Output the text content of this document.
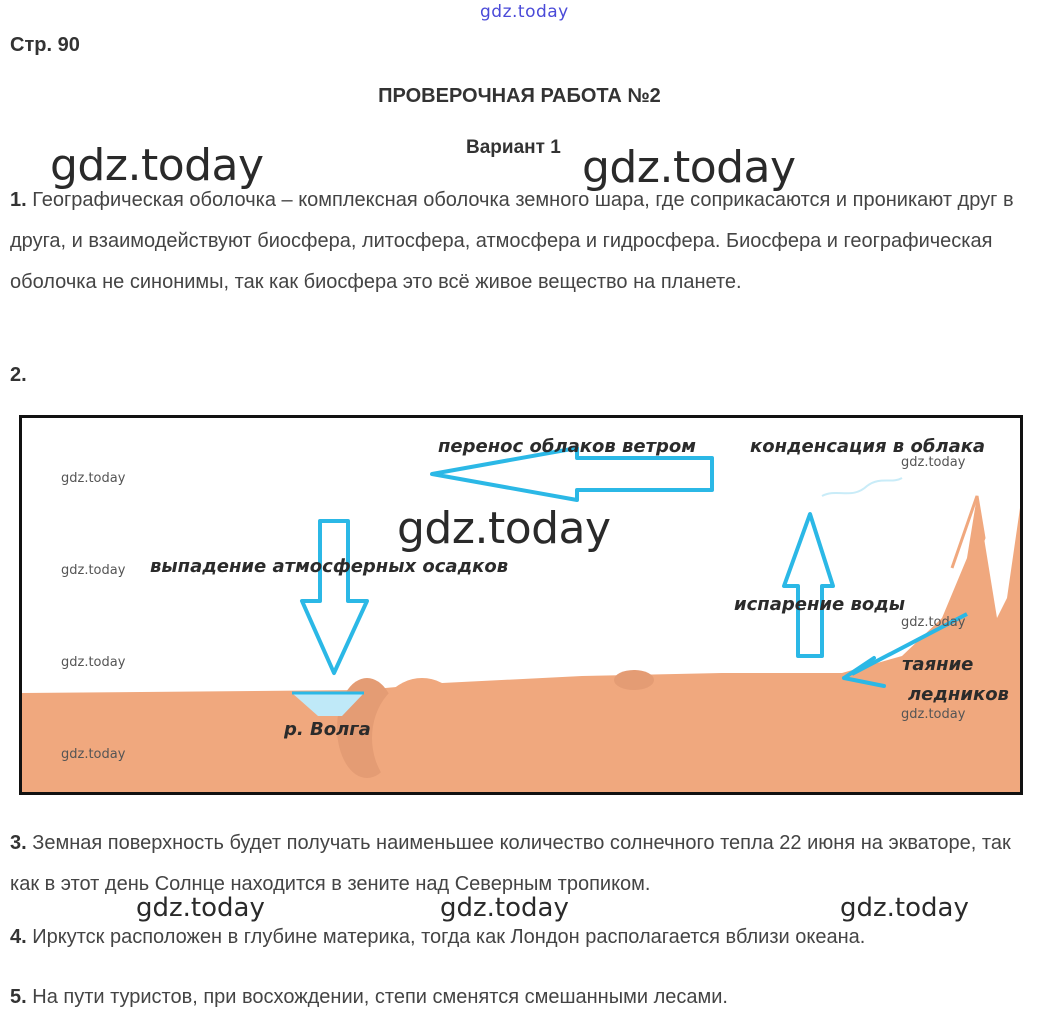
gdz.today
Стр. 90
ПРОВЕРОЧНАЯ РАБОТА №2
Вариант 1
gdz.today	gdz.today
1. Географическая оболочка – комплексная оболочка земного шара, где соприкасаются и проникают друг в друга, и взаимодействуют биосфера, литосфера, атмосфера и гидросфера. Биосфера и географическая оболочка не синонимы, так как биосфера это всё живое вещество на планете.
2.
перенос облаков ветром	конденсация в облака
выпадение атмосферных осадков
испарение воды
таяние
ледников
р. Волга
gdz.today
gdz.today
gdz.today
gdz.today
gdz.today
gdz.today
gdz.today
gdz.today
3. Земная поверхность будет получать наименьшее количество солнечного тепла 22 июня на экваторе, так как в этот день Солнце находится в зените над Северным тропиком.
gdz.today	gdz.today	gdz.today
4. Иркутск расположен в глубине материка, тогда как Лондон располагается вблизи океана.
5. На пути туристов, при восхождении, степи сменятся смешанными лесами.
